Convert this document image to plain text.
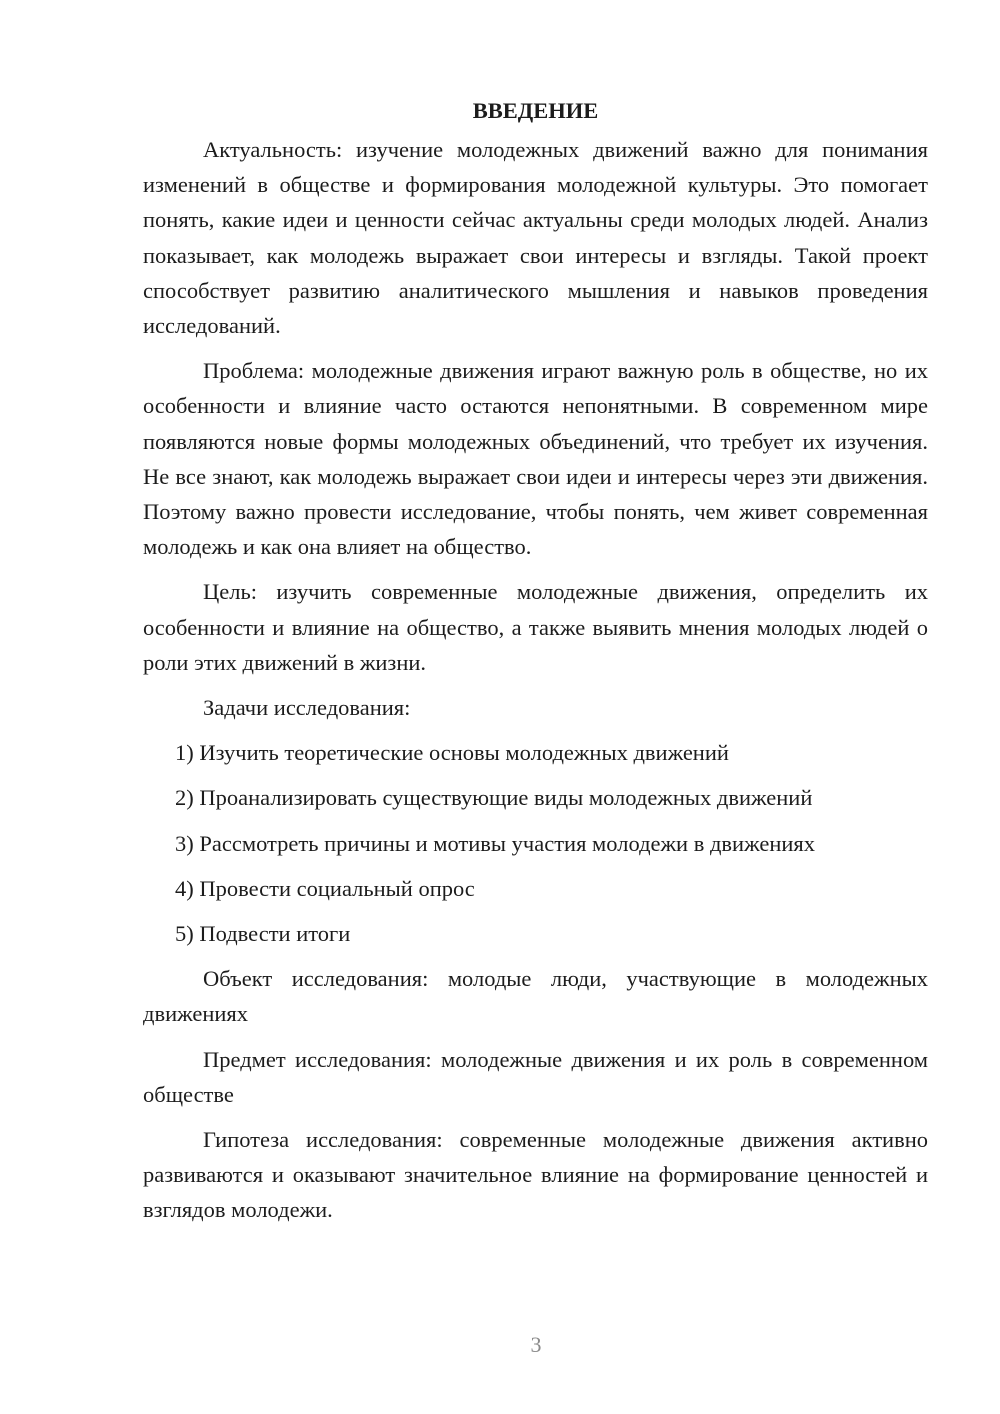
ВВЕДЕНИЕ

Актуальность: изучение молодежных движений важно для понимания изменений в обществе и формирования молодежной культуры. Это помогает понять, какие идеи и ценности сейчас актуальны среди молодых людей. Анализ показывает, как молодежь выражает свои интересы и взгляды. Такой проект способствует развитию аналитического мышления и навыков проведения исследований.

Проблема: молодежные движения играют важную роль в обществе, но их особенности и влияние часто остаются непонятными. В современном мире появляются новые формы молодежных объединений, что требует их изучения. Не все знают, как молодежь выражает свои идеи и интересы через эти движения. Поэтому важно провести исследование, чтобы понять, чем живет современная молодежь и как она влияет на общество.

Цель: изучить современные молодежные движения, определить их особенности и влияние на общество, а также выявить мнения молодых людей о роли этих движений в жизни.

Задачи исследования:

1) Изучить теоретические основы молодежных движений
2) Проанализировать существующие виды молодежных движений
3) Рассмотреть причины и мотивы участия молодежи в движениях
4) Провести социальный опрос
5) Подвести итоги

Объект исследования: молодые люди, участвующие в молодежных движениях

Предмет исследования: молодежные движения и их роль в современном обществе

Гипотеза исследования: современные молодежные движения активно развиваются и оказывают значительное влияние на формирование ценностей и взглядов молодежи.

3
